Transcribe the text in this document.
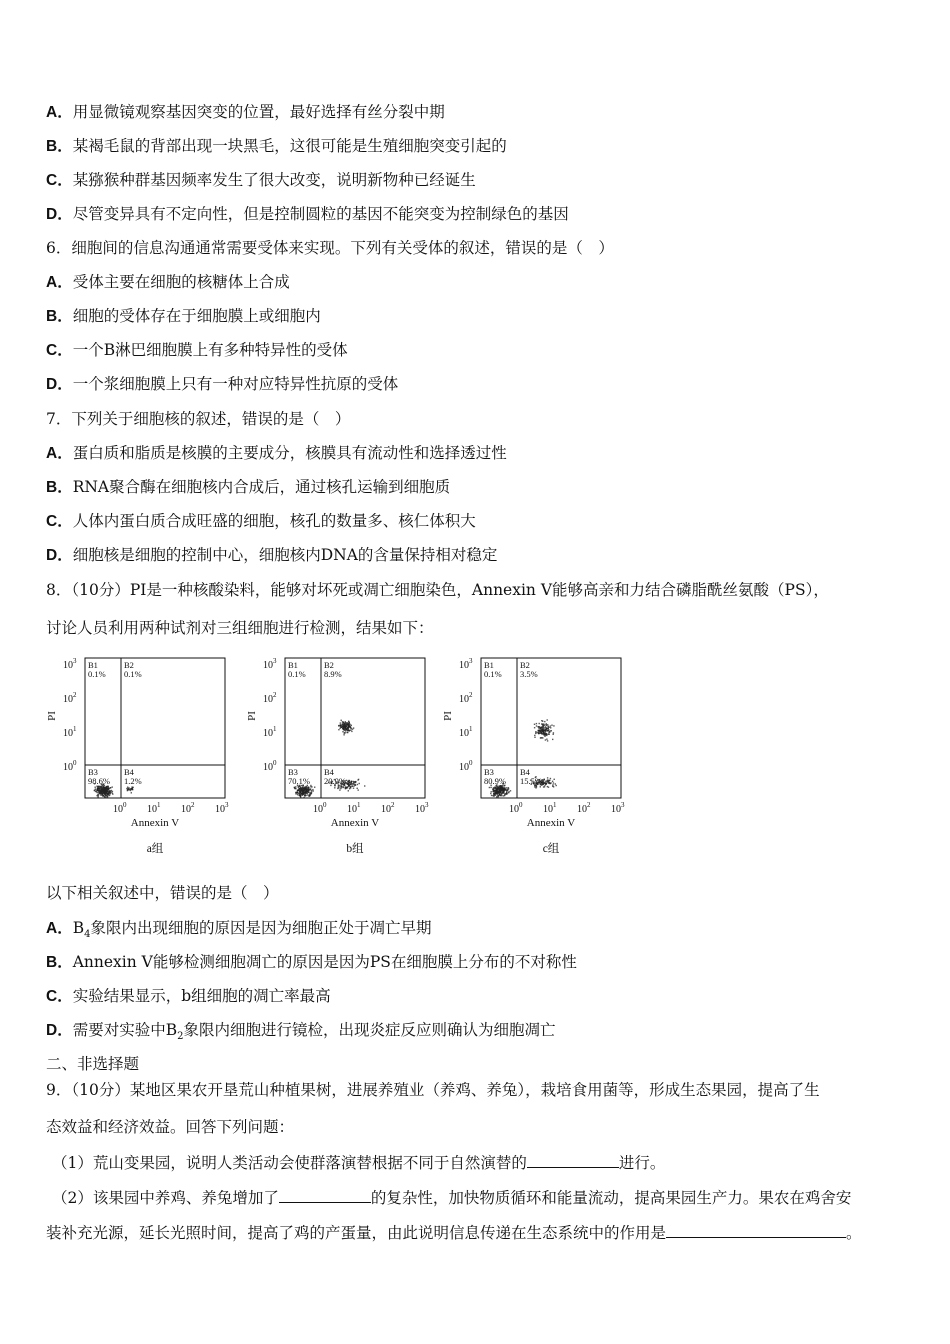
A．用显微镜观察基因突变的位置，最好选择有丝分裂中期
B．某褐毛鼠的背部出现一块黑毛，这很可能是生殖细胞突变引起的
C．某猕猴种群基因频率发生了很大改变，说明新物种已经诞生
D．尽管变异具有不定向性，但是控制圆粒的基因不能突变为控制绿色的基因
6．细胞间的信息沟通通常需要受体来实现。下列有关受体的叙述，错误的是（　）
A．受体主要在细胞的核糖体上合成
B．细胞的受体存在于细胞膜上或细胞内
C．一个B淋巴细胞膜上有多种特异性的受体
D．一个浆细胞膜上只有一种对应特异性抗原的受体
7．下列关于细胞核的叙述，错误的是（　）
A．蛋白质和脂质是核膜的主要成分，核膜具有流动性和选择透过性
B．RNA聚合酶在细胞核内合成后，通过核孔运输到细胞质
C．人体内蛋白质合成旺盛的细胞，核孔的数量多、核仁体积大
D．细胞核是细胞的控制中心，细胞核内DNA的含量保持相对稳定
8．（10分）PI是一种核酸染料，能够对坏死或凋亡细胞染色，Annexin V能够高亲和力结合磷脂酰丝氨酸（PS），
讨论人员利用两种试剂对三组细胞进行检测，结果如下：
B1
0.1%
B2
0.1%
B3
98.6%
B4
1.2%
$10^3$
$10^2$
$10^1$
$10^0$
$10^0$ $10^1$ $10^2$ $10^3$
Annexin V
PI
a组
B1
0.1%
B2
8.9%
B3
70.1%
B4
20.9%
$10^3$
$10^2$
$10^1$
$10^0$
$10^0$ $10^1$ $10^2$ $10^3$
Annexin V
PI
b组
B1
0.1%
B2
3.5%
B3
80.9%
B4
15.5%
$10^3$
$10^2$
$10^1$
$10^0$
$10^0$ $10^1$ $10^2$ $10^3$
Annexin V
PI
c组
以下相关叙述中，错误的是（　）
A．$B_4$象限内出现细胞的原因是因为细胞正处于凋亡早期
B．Annexin V能够检测细胞凋亡的原因是因为PS在细胞膜上分布的不对称性
C．实验结果显示，b组细胞的凋亡率最高
D．需要对实验中$B_2$象限内细胞进行镜检，出现炎症反应则确认为细胞凋亡
二、非选择题
9．（10分）某地区果农开垦荒山种植果树，进展养殖业（养鸡、养兔），栽培食用菌等，形成生态果园，提高了生
态效益和经济效益。回答下列问题：
（1）荒山变果园，说明人类活动会使群落演替根据不同于自然演替的	进行。
（2）该果园中养鸡、养兔增加了	的复杂性，加快物质循环和能量流动，提高果园生产力。果农在鸡舍安
装补充光源，延长光照时间，提高了鸡的产蛋量，由此说明信息传递在生态系统中的作用是	。
